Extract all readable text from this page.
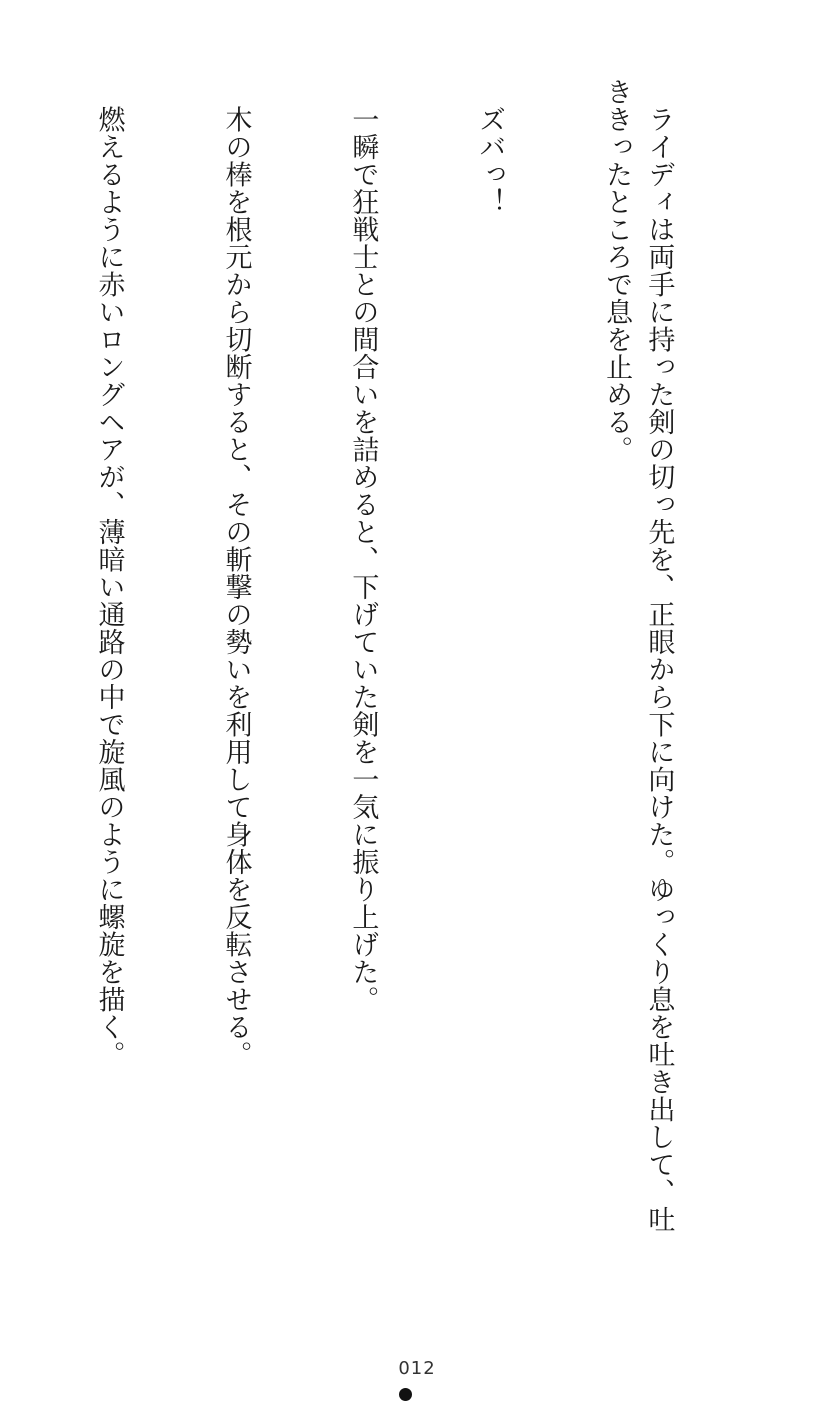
　ライディは両手に持った剣の切っ先を、正眼から下に向けた。ゆっくり息を吐き出して、吐ききったところで息を止める。

　ズバっ！

　一瞬で狂戦士との間合いを詰めると、下げていた剣を一気に振り上げた。

　木の棒を根元から切断すると、その斬撃の勢いを利用して身体を反転させる。

　燃えるように赤いロングヘアが、薄暗い通路の中で旋風のように螺旋を描く。

012
